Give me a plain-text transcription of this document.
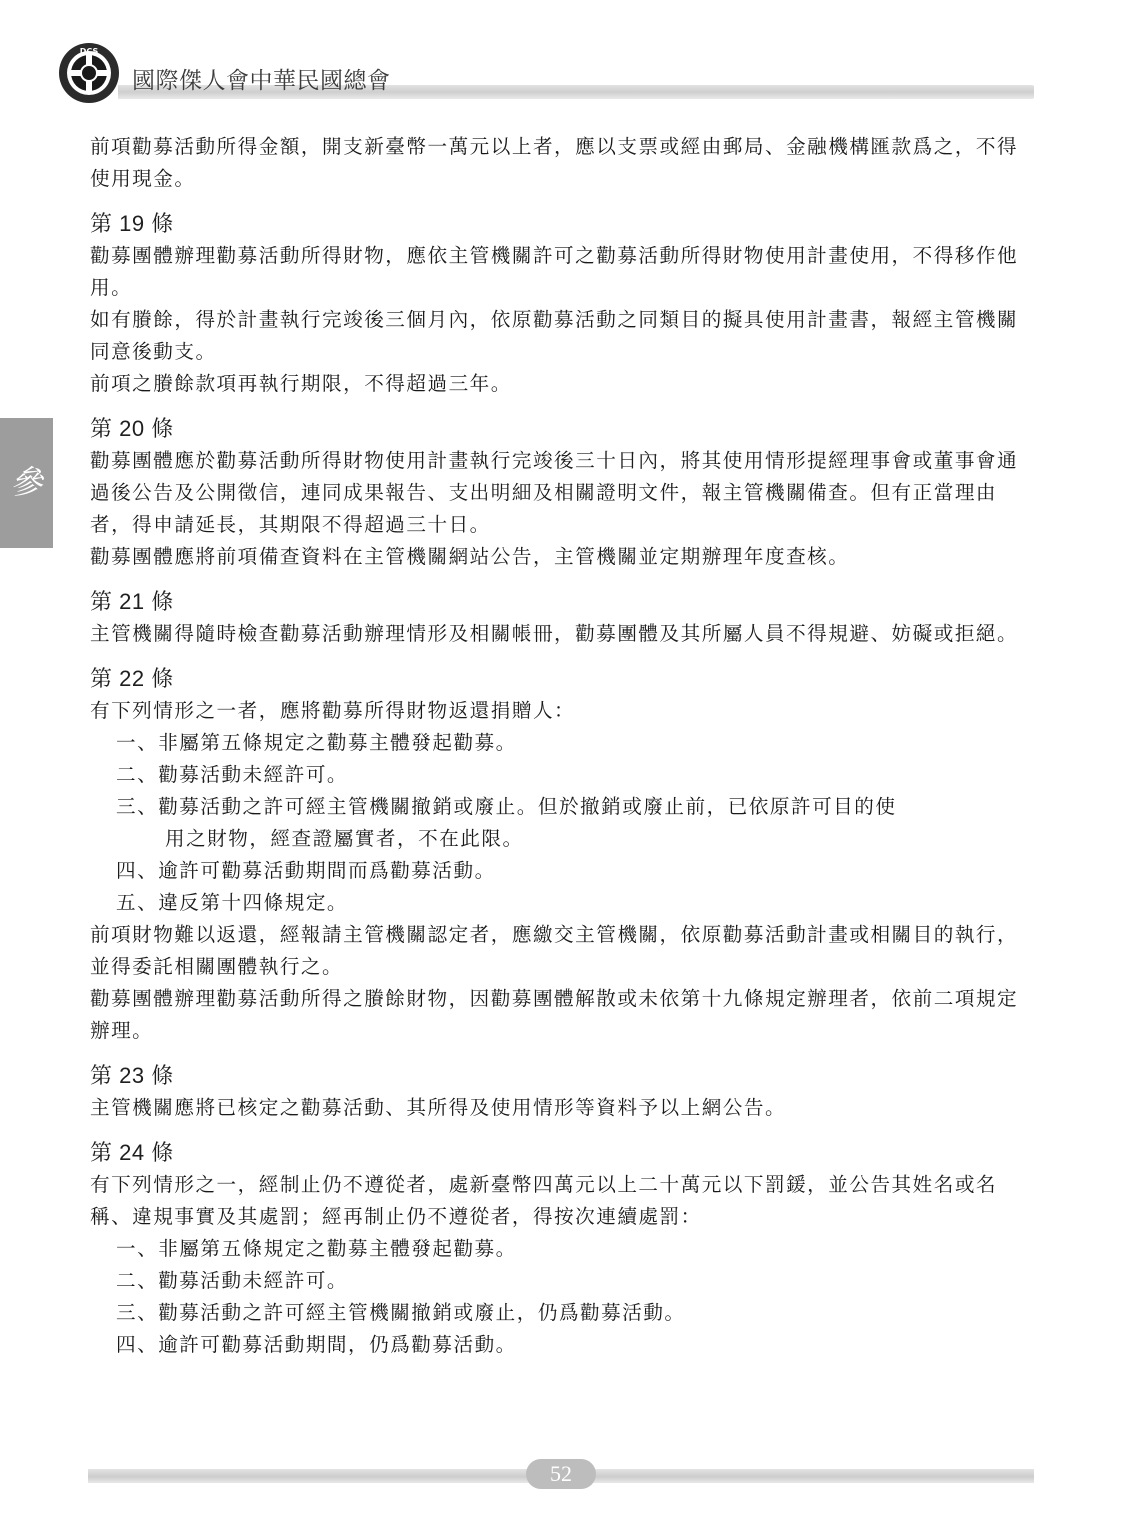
DCS
國際傑人會中華民國總會
參

前項勸募活動所得金額，開支新臺幣一萬元以上者，應以支票或經由郵局、金融機構匯款爲之，不得使用現金。

第 19 條

勸募團體辦理勸募活動所得財物，應依主管機關許可之勸募活動所得財物使用計畫使用，不得移作他用。

如有賸餘，得於計畫執行完竣後三個月內，依原勸募活動之同類目的擬具使用計畫書，報經主管機關同意後動支。

前項之賸餘款項再執行期限，不得超過三年。

第 20 條

勸募團體應於勸募活動所得財物使用計畫執行完竣後三十日內，將其使用情形提經理事會或董事會通過後公告及公開徵信，連同成果報告、支出明細及相關證明文件，報主管機關備查。但有正當理由者，得申請延長，其期限不得超過三十日。

勸募團體應將前項備查資料在主管機關網站公告，主管機關並定期辦理年度查核。

第 21 條

主管機關得隨時檢查勸募活動辦理情形及相關帳冊，勸募團體及其所屬人員不得規避、妨礙或拒絕。

第 22 條

有下列情形之一者，應將勸募所得財物返還捐贈人：

一、非屬第五條規定之勸募主體發起勸募。

二、勸募活動未經許可。

三、勸募活動之許可經主管機關撤銷或廢止。但於撤銷或廢止前，已依原許可目的使

用之財物，經查證屬實者，不在此限。

四、逾許可勸募活動期間而爲勸募活動。

五、違反第十四條規定。

前項財物難以返還，經報請主管機關認定者，應繳交主管機關，依原勸募活動計畫或相關目的執行，並得委託相關團體執行之。

勸募團體辦理勸募活動所得之賸餘財物，因勸募團體解散或未依第十九條規定辦理者，依前二項規定辦理。

第 23 條

主管機關應將已核定之勸募活動、其所得及使用情形等資料予以上網公告。

第 24 條

有下列情形之一，經制止仍不遵從者，處新臺幣四萬元以上二十萬元以下罰鍰，並公告其姓名或名稱、違規事實及其處罰；經再制止仍不遵從者，得按次連續處罰：

一、非屬第五條規定之勸募主體發起勸募。

二、勸募活動未經許可。

三、勸募活動之許可經主管機關撤銷或廢止，仍爲勸募活動。

四、逾許可勸募活動期間，仍爲勸募活動。

52
